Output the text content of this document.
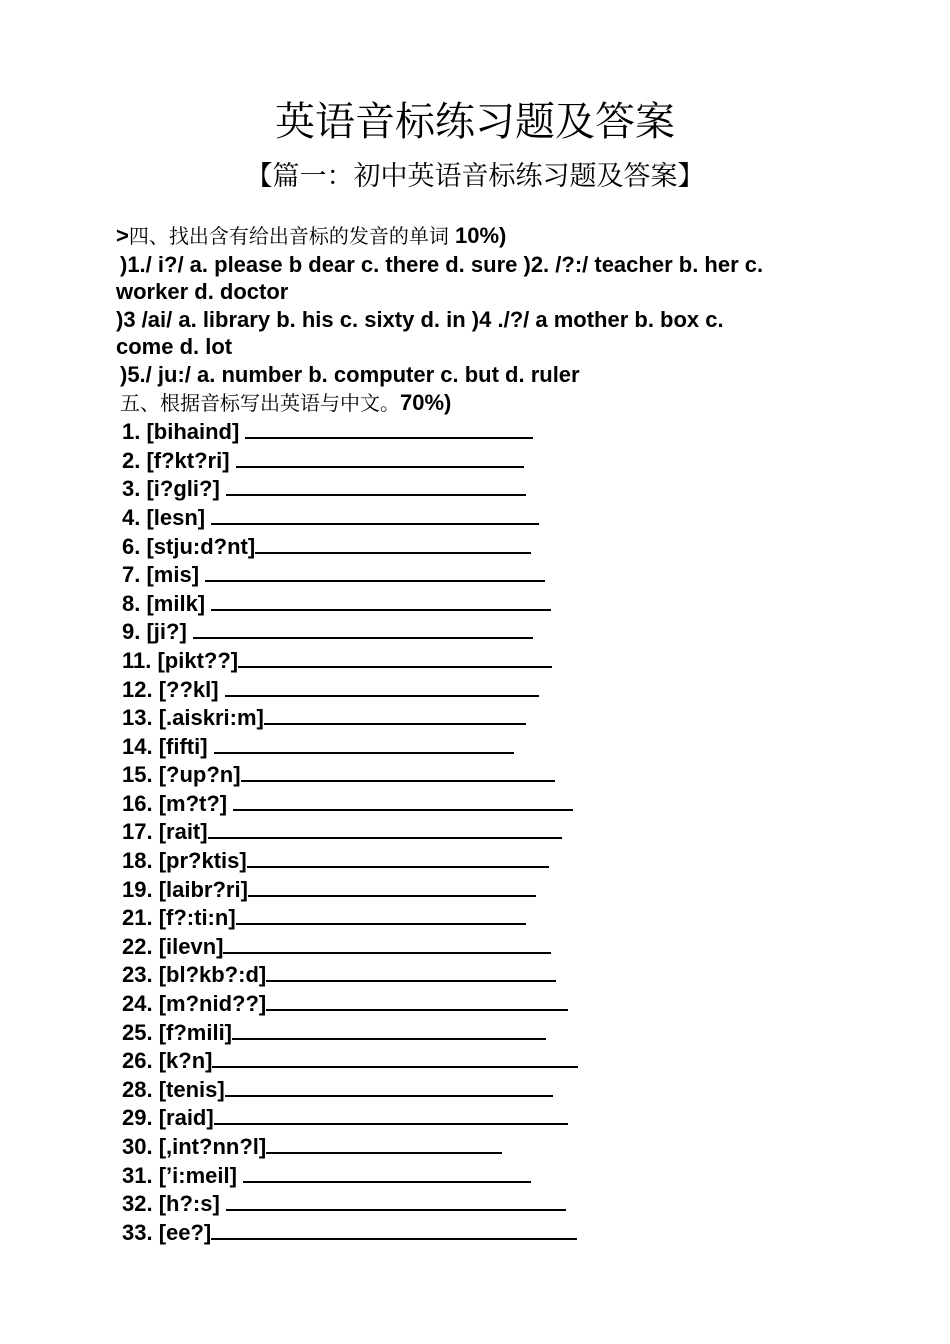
英语音标练习题及答案
【篇一：初中英语音标练习题及答案】
>四、找出含有给出音标的发音的单词 10%)
)1./ i?/ a. please b dear c. there d. sure )2. /?:/ teacher b. her c.
worker d. doctor
)3 /ai/ a. library b. his c. sixty d. in )4 ./?/ a mother b. box c.
come d. lot
)5./ ju:/ a. number b. computer c. but d. ruler
五、根据音标写出英语与中文。70%)
1. [bihaind]
2. [f?kt?ri]
3. [i?gli?]
4. [lesn]
6. [stju:d?nt]
7. [mis]
8. [milk]
9. [ji?]
11. [pikt??]
12. [??kl]
13. [.aiskri:m]
14. [fifti]
15. [?up?n]
16. [m?t?]
17. [rait]
18. [pr?ktis]
19. [laibr?ri]
21. [f?:ti:n]
22. [ilevn]
23. [bl?kb?:d]
24. [m?nid??]
25. [f?mili]
26. [k?n]
28. [tenis]
29. [raid]
30. [,int?nn?l]
31. [’i:meil]
32. [h?:s]
33. [ee?]
